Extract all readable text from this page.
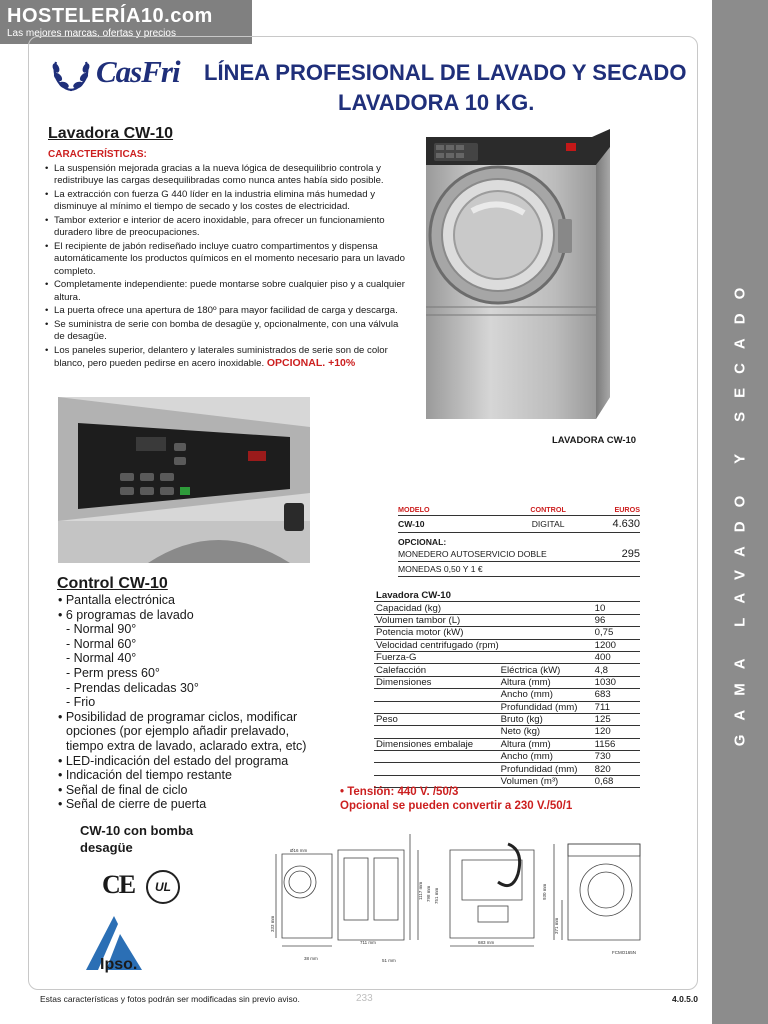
HOSTELERÍA10.com
Las mejores marcas, ofertas y precios
GAMA LAVADO Y SECADO
CasFri LÍNEA PROFESIONAL DE LAVADO Y SECADO
LAVADORA 10 KG.
Lavadora CW-10
CARACTERÍSTICAS:
• La suspensión mejorada gracias a la nueva lógica de desequilibrio controla y redistribuye las cargas desequilibradas como nunca antes había sido posible.
• La extracción con fuerza G 440 líder en la industria elimina más humedad y disminuye al mínimo el tiempo de secado y los costes de electricidad.
• Tambor exterior e interior de acero inoxidable, para ofrecer un funcionamiento duradero libre de preocupaciones.
• El recipiente de jabón rediseñado incluye cuatro compartimentos y dispensa automáticamente los productos químicos en el momento necesario para un lavado completo.
• Completamente independiente: puede montarse sobre cualquier piso y a cualquier altura.
• La puerta ofrece una apertura de 180º para mayor facilidad de carga y descarga.
• Se suministra de serie con bomba de desagüe y, opcionalmente, con una válvula de desagüe.
• Los paneles superior, delantero y laterales suministrados de serie son de color blanco, pero pueden pedirse en acero inoxidable. OPCIONAL. +10%
LAVADORA CW-10
Control CW-10
• Pantalla electrónica
• 6 programas de lavado
- Normal 90°
- Normal 60°
- Normal 40°
- Perm press 60°
- Prendas delicadas 30°
- Frio
• Posibilidad de programar ciclos, modificar
opciones (por ejemplo añadir prelavado,
tiempo extra de lavado, aclarado extra, etc)
• LED-indicación del estado del programa
• Indicación del tiempo restante
• Señal de final de ciclo
• Señal de cierre de puerta
CW-10 con bomba
desagüe
CE	UL
Ipso.
MODELO	CONTROL	EUROS
CW-10	DIGITAL	4.630
OPCIONAL:		
MONEDERO AUTOSERVICIO DOBLE		295
MONEDAS 0,50 Y 1 €		
Lavadora CW-10		
Capacidad (kg)		10
Volumen tambor (L)		96
Potencia motor (kW)		0,75
Velocidad centrifugado (rpm)		1200
Fuerza-G		400
Calefacción	Eléctrica (kW)	4,8
Dimensiones	Altura (mm)	1030
	Ancho (mm)	683
	Profundidad (mm)	711
Peso	Bruto (kg)	125
	Neto (kg)	120
Dimensiones embalaje	Altura (mm)	1156
	Ancho (mm)	730
	Profundidad (mm)	820
	Volumen (m³)	0,68
• Tensión: 440 V. /50/3
Opcional se pueden convertir a 230 V./50/1
Ø16 mm
333 mm
38 mm
711 mm
51 mm
1117 mm 798 mm 751 mm
683 mm
930 mm
371 mm
FCMO165N
Estas características y fotos podrán ser modificadas sin previo aviso.	233	4.0.5.0
